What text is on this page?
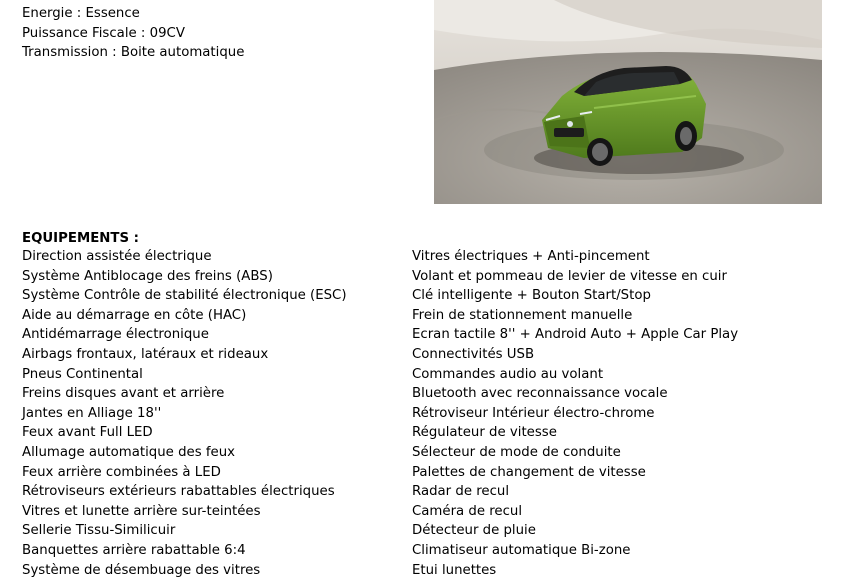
Energie : Essence
Puissance Fiscale : 09CV
Transmission : Boite automatique
EQUIPEMENTS :
Direction assistée électrique
Système Antiblocage des freins (ABS)
Système Contrôle de stabilité électronique (ESC)
Aide au démarrage en côte (HAC)
Antidémarrage électronique
Airbags frontaux, latéraux et rideaux
Pneus Continental
Freins disques avant et arrière
Jantes en Alliage 18''
Feux avant Full LED
Allumage automatique des feux
Feux arrière combinées à LED
Rétroviseurs extérieurs rabattables électriques
Vitres et lunette arrière sur-teintées
Sellerie Tissu-Similicuir
Banquettes arrière rabattable 6:4
Système de désembuage des vitres
Vitres électriques + Anti-pincement
Volant et pommeau de levier de vitesse en cuir
Clé intelligente + Bouton Start/Stop
Frein de stationnement manuelle
Ecran tactile 8'' + Android Auto + Apple Car Play
Connectivités USB
Commandes audio au volant
Bluetooth avec reconnaissance vocale
Rétroviseur Intérieur électro-chrome
Régulateur de vitesse
Sélecteur de mode de conduite
Palettes de changement de vitesse
Radar de recul
Caméra de recul
Détecteur de pluie
Climatiseur automatique Bi-zone
Etui lunettes
